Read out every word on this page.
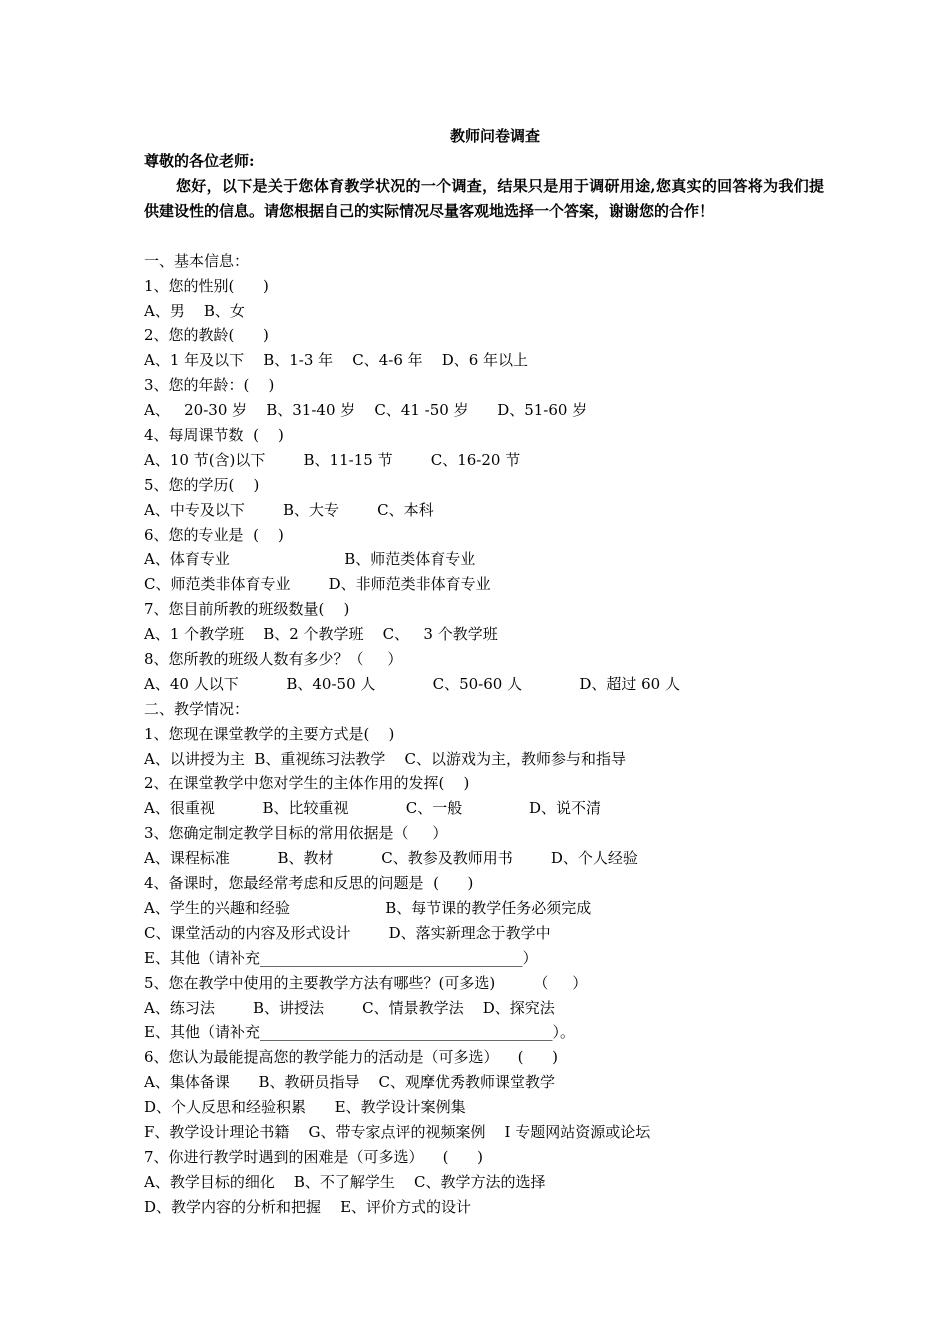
教师问卷调查
尊敬的各位老师:
您好，以下是关于您体育教学状况的一个调查，结果只是用于调研用途,您真实的回答将为我们提供建设性的信息。请您根据自己的实际情况尽量客观地选择一个答案，谢谢您的合作！
一、基本信息：
1、您的性别(      )
A、男    B、女
2、您的教龄(      )
A、1 年及以下    B、1-3 年    C、4-6 年    D、6 年以上
3、您的年龄：(    )
A、   20-30 岁    B、31-40 岁    C、41 -50 岁      D、51-60 岁
4、每周课节数  (    )
A、10 节(含)以下        B、11-15 节        C、16-20 节
5、您的学历(    )
A、中专及以下        B、大专        C、本科
6、您的专业是  (    )
A、体育专业                        B、师范类体育专业
C、师范类非体育专业        D、非师范类非体育专业
7、您目前所教的班级数量(    )
A、1 个教学班    B、2 个教学班    C、   3 个教学班
8、您所教的班级人数有多少？（     ）
A、40 人以下          B、40-50 人            C、50-60 人            D、超过 60 人
二、教学情况：
1、您现在课堂教学的主要方式是(    )
A、以讲授为主  B、重视练习法教学    C、以游戏为主，教师参与和指导
2、在课堂教学中您对学生的主体作用的发挥(    )
A、很重视          B、比较重视            C、一般              D、说不清
3、您确定制定教学目标的常用依据是（     ）
A、课程标准          B、教材          C、教参及教师用书        D、个人经验
4、备课时，您最经常考虑和反思的问题是  (      )
A、学生的兴趣和经验                    B、每节课的教学任务必须完成
C、课堂活动的内容及形式设计        D、落实新理念于教学中
E、其他（请补充___________________________________）
5、您在教学中使用的主要教学方法有哪些？(可多选)        （     ）
A、练习法        B、讲授法        C、情景教学法    D、探究法
E、其他（请补充_______________________________________）。
6、您认为最能提高您的教学能力的活动是（可多选）    (      )
A、集体备课      B、教研员指导    C、观摩优秀教师课堂教学
D、个人反思和经验积累      E、教学设计案例集
F、教学设计理论书籍    G、带专家点评的视频案例    I 专题网站资源或论坛
7、你进行教学时遇到的困难是（可多选）    (      )
A、教学目标的细化    B、不了解学生    C、教学方法的选择
D、教学内容的分析和把握    E、评价方式的设计
